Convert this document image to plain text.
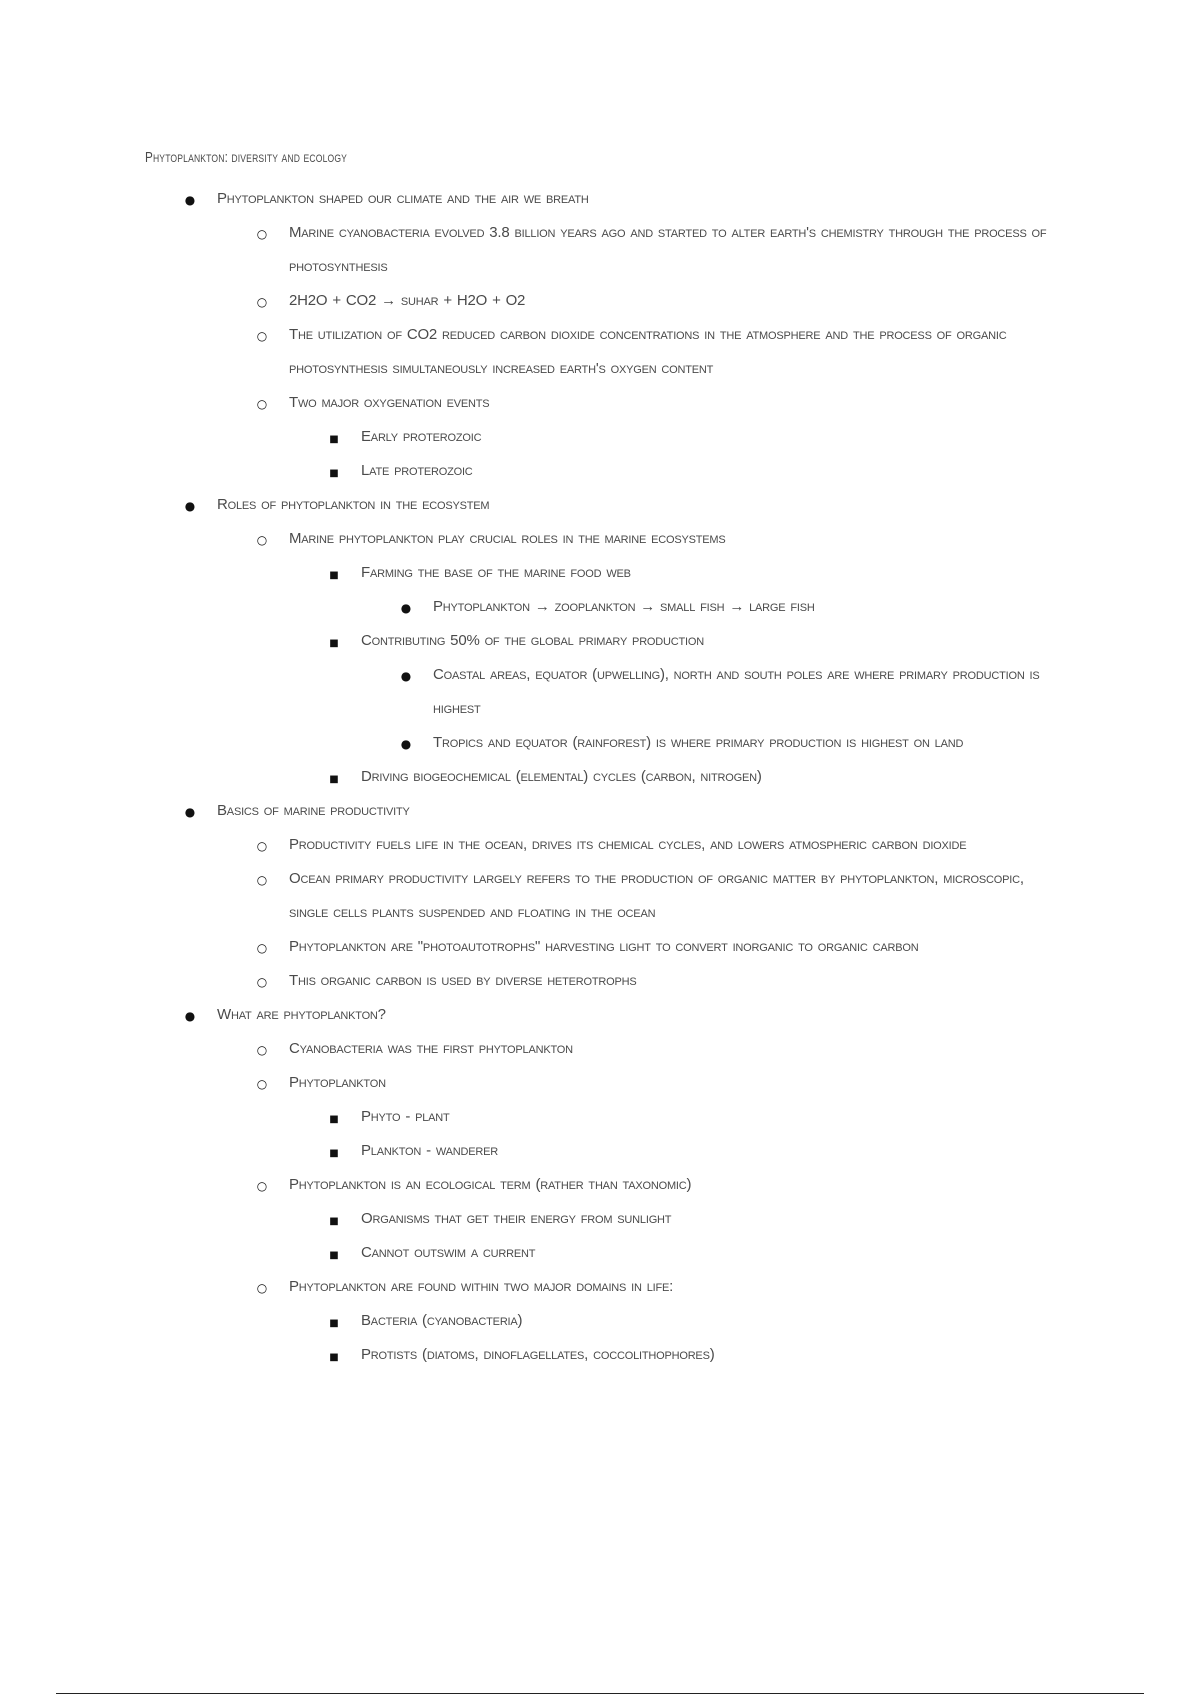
Phytoplankton: diversity and ecology
●
Phytoplankton shaped our climate and the air we breath
○
Marine cyanobacteria evolved 3.8 billion years ago and started to alter earth's chemistry through the process of photosynthesis
○
2H2O + CO2 → suhar + H2O + O2
○
The utilization of CO2 reduced carbon dioxide concentrations in the atmosphere and the process of organic photosynthesis simultaneously increased earth's oxygen content
○
Two major oxygenation events
■
Early proterozoic
■
Late proterozoic
●
Roles of phytoplankton in the ecosystem
○
Marine phytoplankton play crucial roles in the marine ecosystems
■
Farming the base of the marine food web
●
Phytoplankton → zooplankton → small fish → large fish
■
Contributing 50% of the global primary production
●
Coastal areas, equator (upwelling), north and south poles are where primary production is highest
●
Tropics and equator (rainforest) is where primary production is highest on land
■
Driving biogeochemical (elemental) cycles (carbon, nitrogen)
●
Basics of marine productivity
○
Productivity fuels life in the ocean, drives its chemical cycles, and lowers atmospheric carbon dioxide
○
Ocean primary productivity largely refers to the production of organic matter by phytoplankton, microscopic, single cells plants suspended and floating in the ocean
○
Phytoplankton are "photoautotrophs" harvesting light to convert inorganic to organic carbon
○
This organic carbon is used by diverse heterotrophs
●
What are phytoplankton?
○
Cyanobacteria was the first phytoplankton
○
Phytoplankton
■
Phyto - plant
■
Plankton - wanderer
○
Phytoplankton is an ecological term (rather than taxonomic)
■
Organisms that get their energy from sunlight
■
Cannot outswim a current
○
Phytoplankton are found within two major domains in life:
■
Bacteria (cyanobacteria)
■
Protists (diatoms, dinoflagellates, coccolithophores)
